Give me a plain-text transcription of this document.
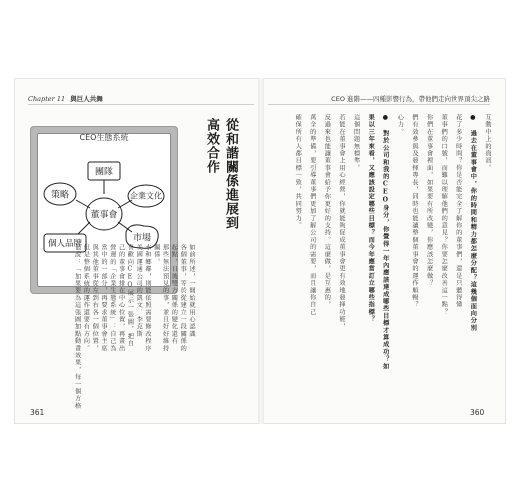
Chapter 11 與巨人共舞	CEO 進階——四種影響行為，帶他們走向世界頂尖之路
CEO生態系統
董事會
團隊
企業文化
市場
個人品牌
策略	從和諧關係進展到高效合作
如前所述，一開始就用心認識
各個董事，等於從建立一段關係的
起點，日後雙方關係的變化還有
那些無法預見的事，並且好好維持
關係。
水和鄉鄰，則能依照需要修改程序
美國運通公司的凱文．李克斯
喜歡向CEO展示一張圖，把自
己的董事會排在中心位置，再畫出
營運的「企業生態系統」：自己為
當中的一部分，再要求董事會主席
與其他董事從左到右各一個位置，
但是整個系統的運作還要有方向。
他說：「加果要為這張圖加點動畫效果，每一個方格
互動中上的資訊。
● 過去在董事會中，你的時間和精力都怎麼分配？這幾個面向分別
花了多少時間？你是否能完全了解你的董事們，還是只聽得懂
董事們的口號，而難以理解他們的意見？你要怎麼改善這一點？
你們在董事會裡面，如果要有所改變，你應該怎麼做？
們有效參與及發揮專長，同時也能讓整個董事會的運作順暢？
心力。
● 對於公司和我的CEO身分，你覺得一年內應該達成哪些目標才算成功？如
果以三年來看，又應該設定哪些目標？而今年應當訂立哪些指標？
這個問題無標準。
若能在董事會上用心經營，你就能夠促成董事會更有效地發揮功能，
反過來也能讓董事會給予你更好的支持。這麼做，是互惠的，
萬全的準備，要引導董事們更加了解公司的需要，而且讓你自己
確保所有人都目標一致，共同努力。
361	360
